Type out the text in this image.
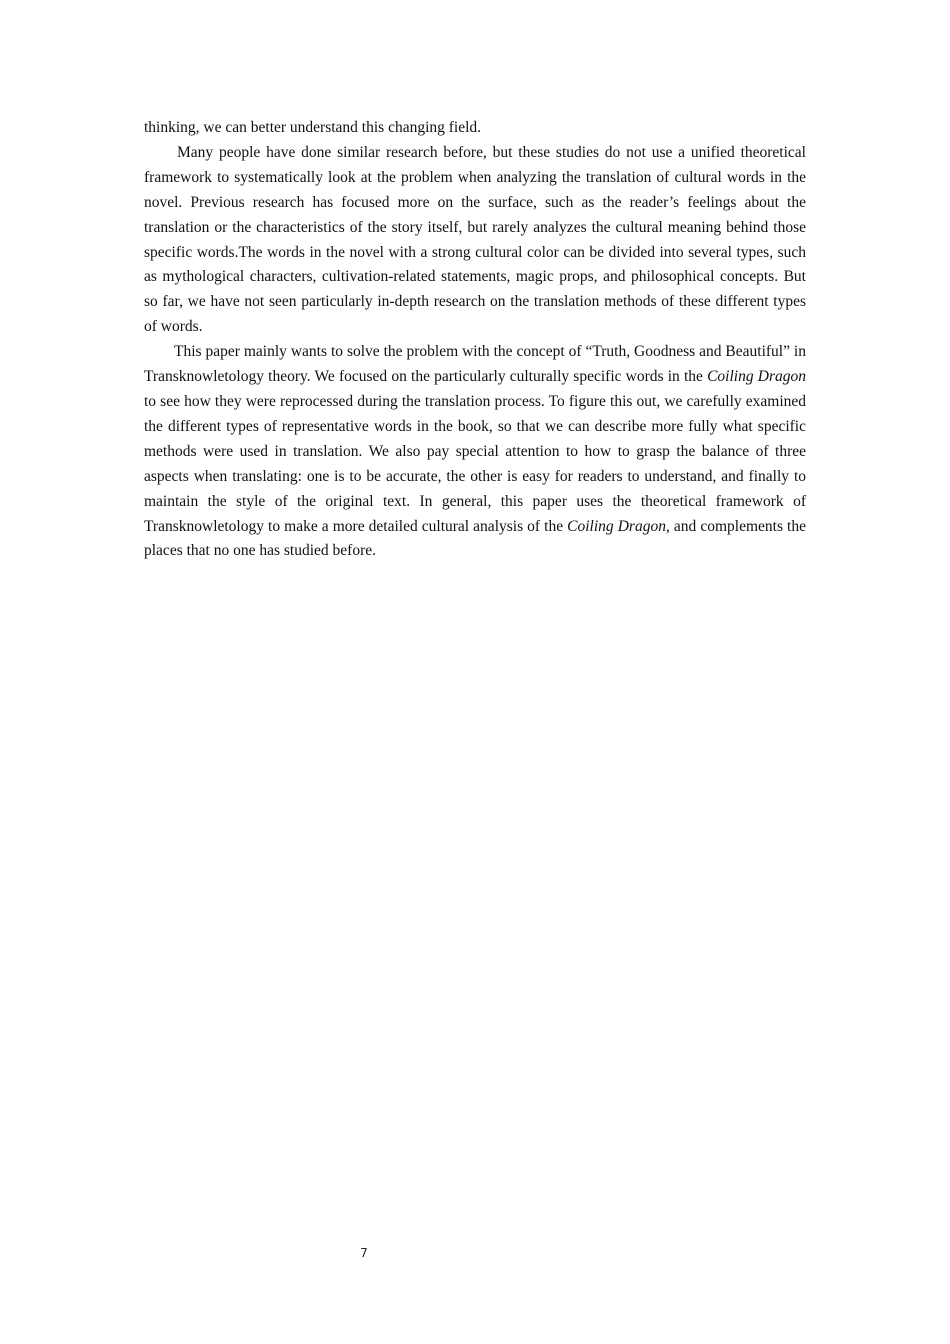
thinking, we can better understand this changing field.

Many people have done similar research before, but these studies do not use a unified theoretical framework to systematically look at the problem when analyzing the translation of cultural words in the novel. Previous research has focused more on the surface, such as the reader’s feelings about the translation or the characteristics of the story itself, but rarely analyzes the cultural meaning behind those specific words.The words in the novel with a strong cultural color can be divided into several types, such as mythological characters, cultivation-related statements, magic props, and philosophical concepts. But so far, we have not seen particularly in-depth research on the translation methods of these different types of words.

This paper mainly wants to solve the problem with the concept of “Truth, Goodness and Beautiful” in Transknowletology theory. We focused on the particularly culturally specific words in the Coiling Dragon to see how they were reprocessed during the translation process. To figure this out, we carefully examined the different types of representative words in the book, so that we can describe more fully what specific methods were used in translation. We also pay special attention to how to grasp the balance of three aspects when translating: one is to be accurate, the other is easy for readers to understand, and finally to maintain the style of the original text. In general, this paper uses the theoretical framework of Transknowletology to make a more detailed cultural analysis of the Coiling Dragon, and complements the places that no one has studied before.

7
